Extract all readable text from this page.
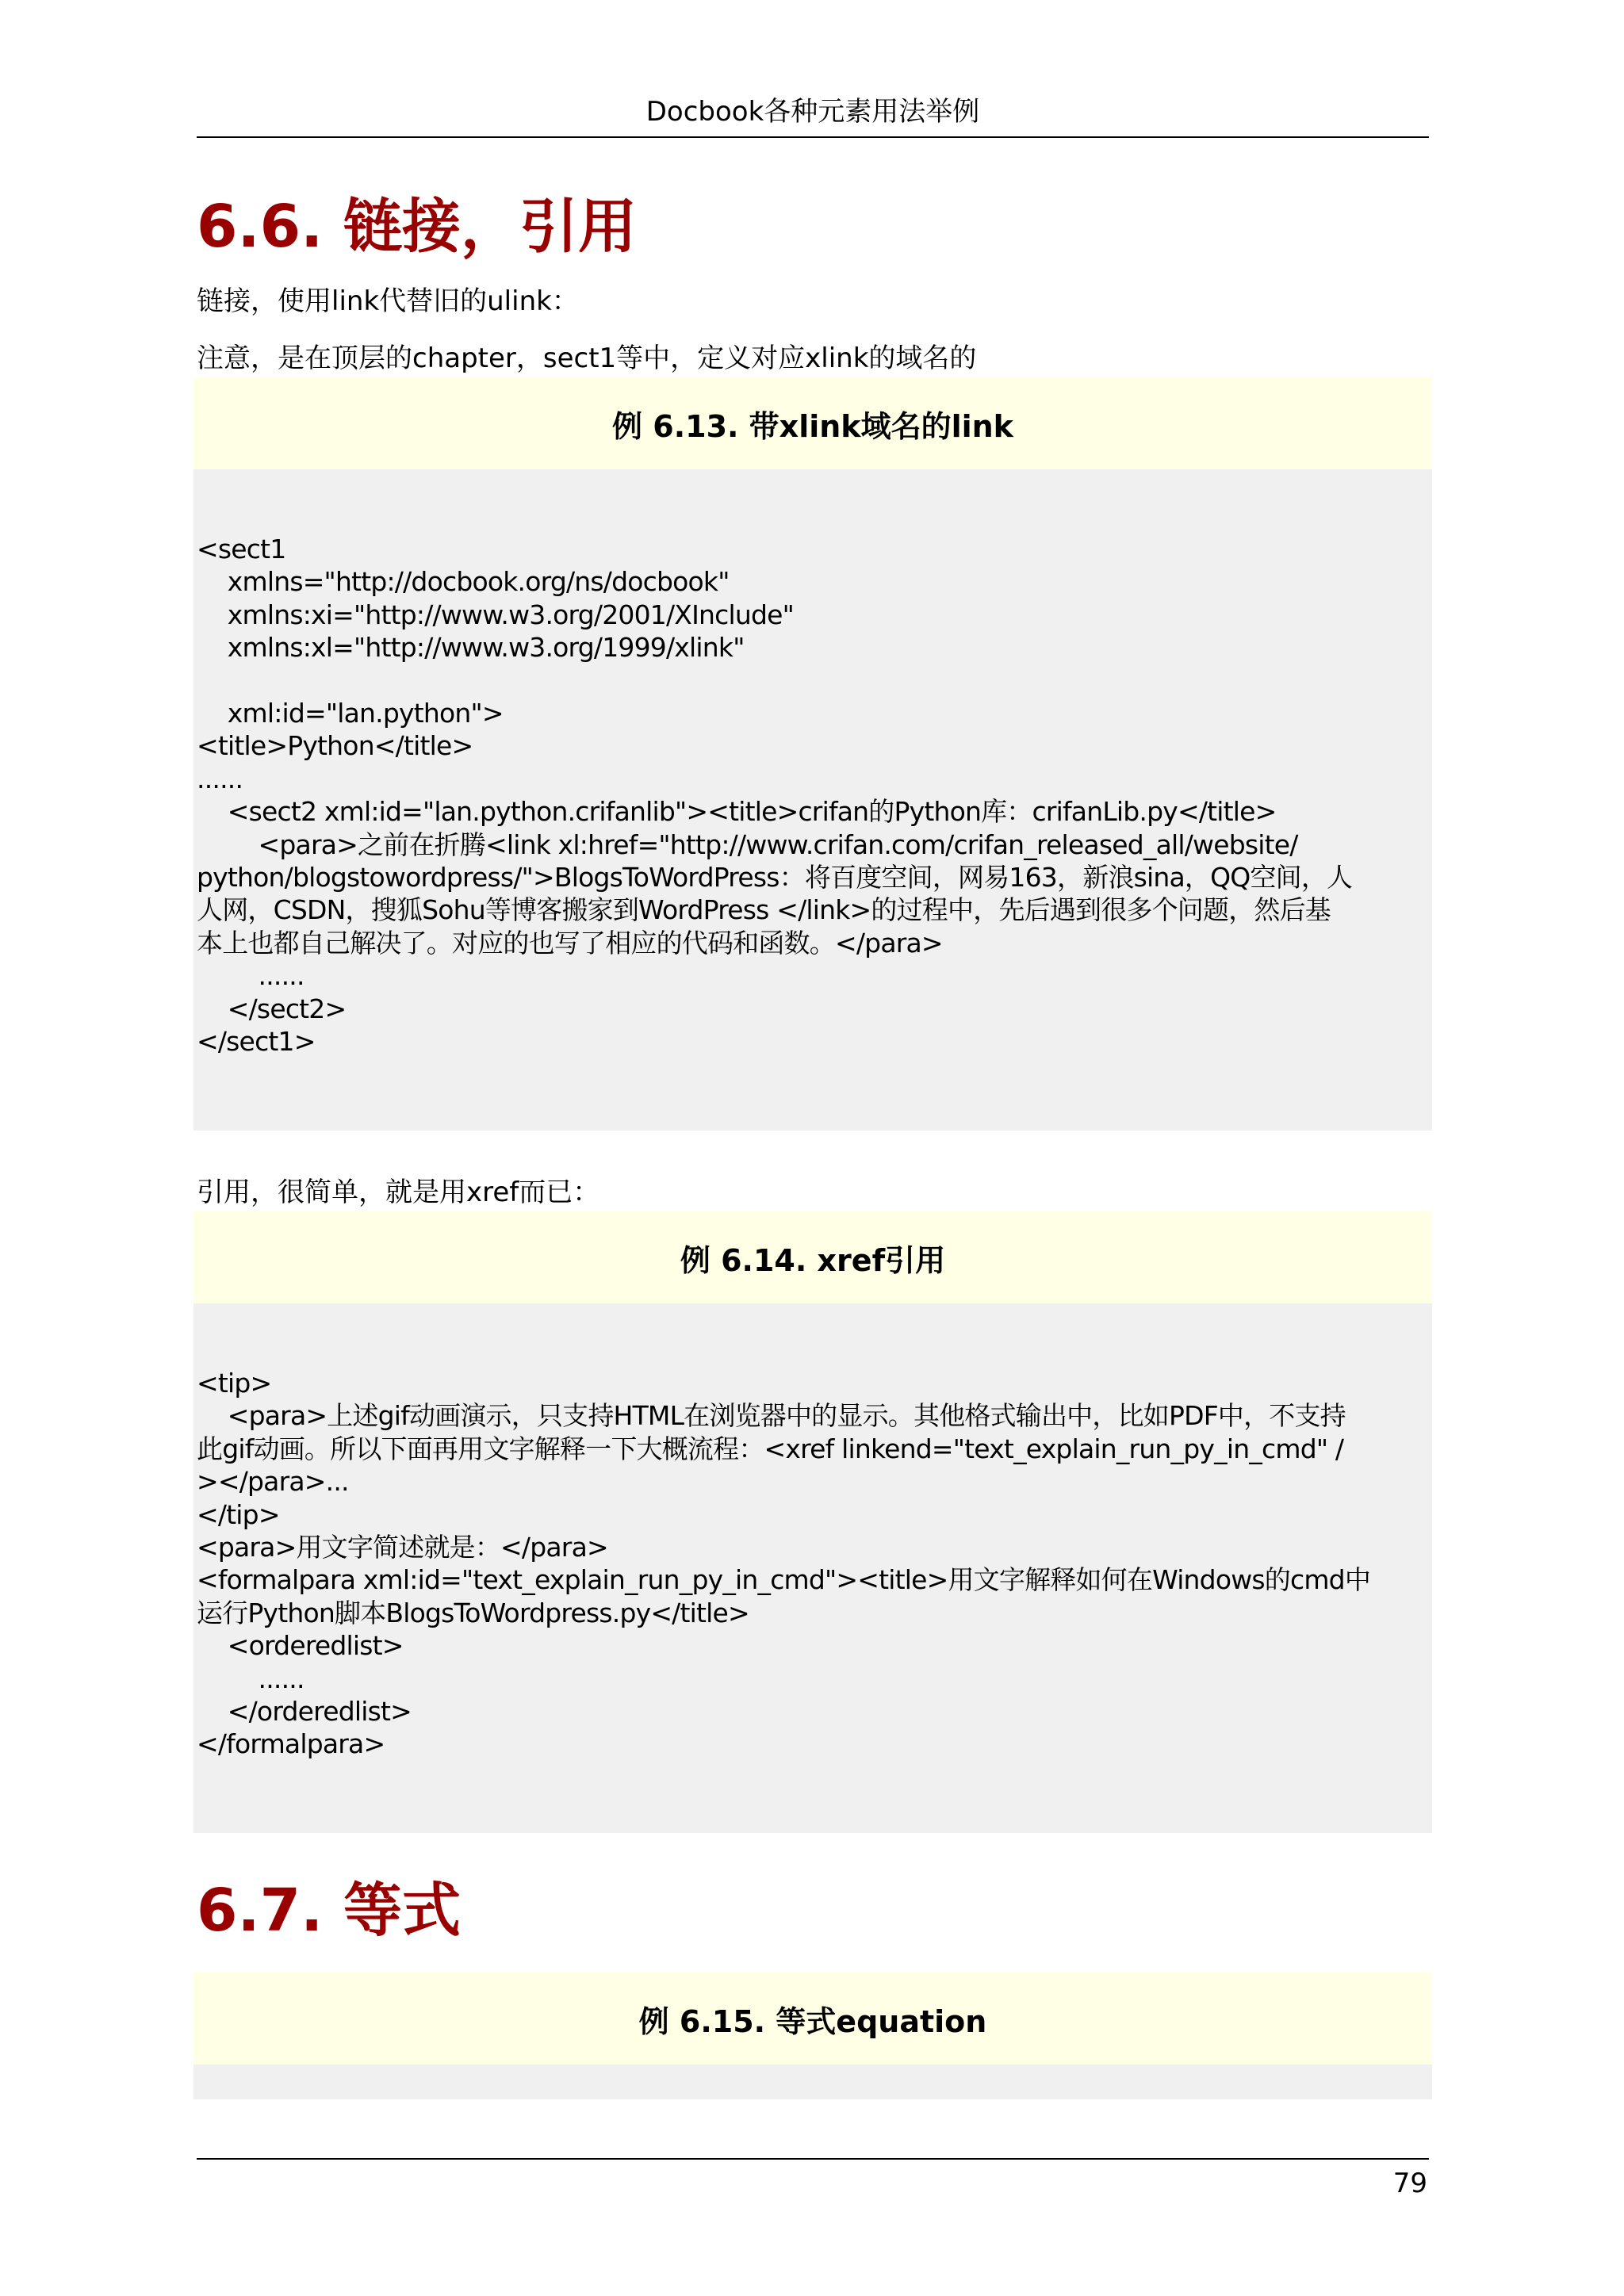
Docbook各种元素用法举例
6.6. 链接，引用

链接，使用link代替旧的ulink：

注意，是在顶层的chapter，sect1等中，定义对应xlink的域名的

例 6.13. 带xlink域名的link
<sect1
xmlns="http://docbook.org/ns/docbook"
xmlns:xi="http://www.w3.org/2001/XInclude"
xmlns:xl="http://www.w3.org/1999/xlink"

xml:id="lan.python">
<title>Python</title>
......
<sect2 xml:id="lan.python.crifanlib"><title>crifan的Python库：crifanLib.py</title>
<para>之前在折腾<link xl:href="http://www.crifan.com/crifan_released_all/website/
python/blogstowordpress/">BlogsToWordPress：将百度空间，网易163，新浪sina，QQ空间，人
人网，CSDN，搜狐Sohu等博客搬家到WordPress </link>的过程中，先后遇到很多个问题，然后基
本上也都自己解决了。对应的也写了相应的代码和函数。</para>
......
</sect2>
</sect1>

引用，很简单，就是用xref而已：

例 6.14. xref引用
<tip>
<para>上述gif动画演示，只支持HTML在浏览器中的显示。其他格式输出中，比如PDF中，不支持
此gif动画。所以下面再用文字解释一下大概流程：<xref linkend="text_explain_run_py_in_cmd" /
></para>...
</tip>
<para>用文字简述就是：</para>
<formalpara xml:id="text_explain_run_py_in_cmd"><title>用文字解释如何在Windows的cmd中
运行Python脚本BlogsToWordpress.py</title>
<orderedlist>
......
</orderedlist>
</formalpara>
6.7. 等式
例 6.15. 等式equation
79
